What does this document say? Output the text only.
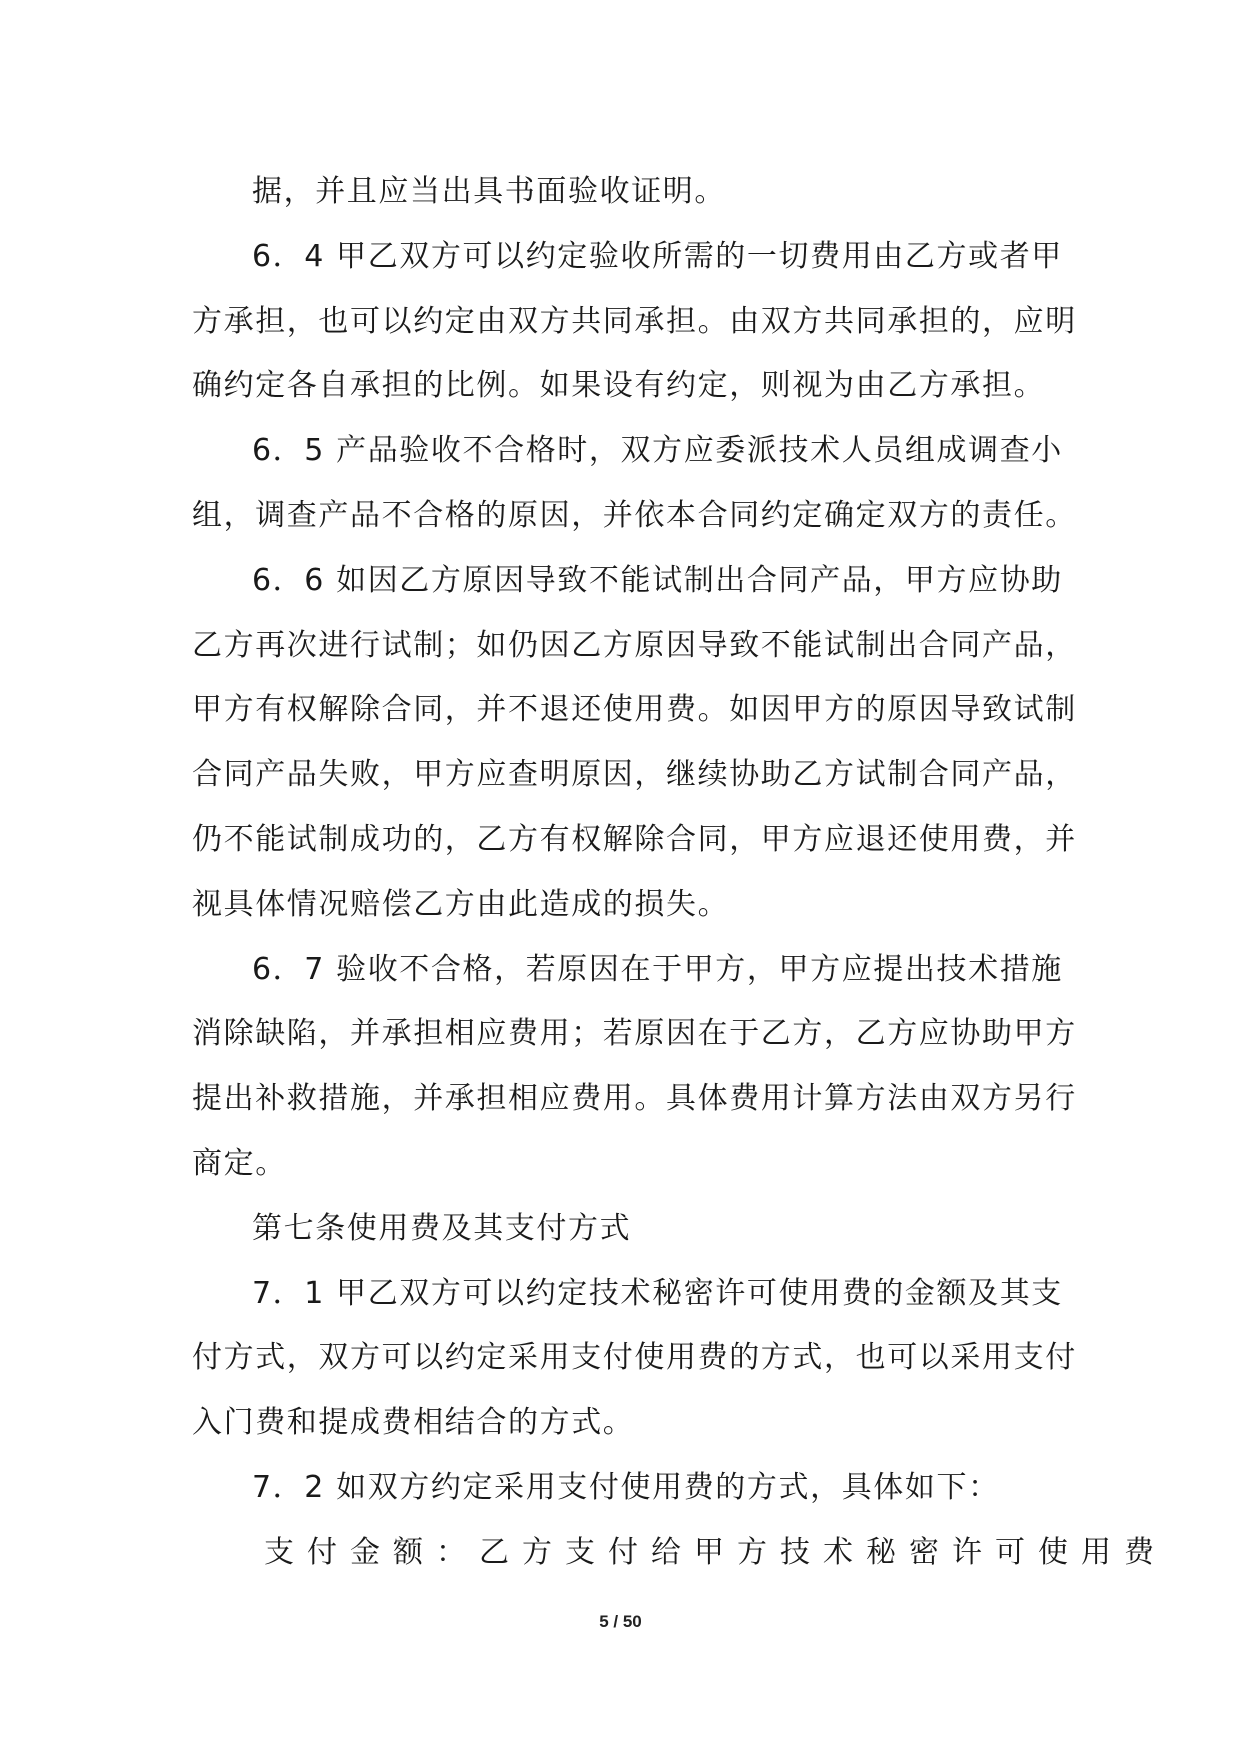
据，并且应当出具书面验收证明。
6．4 甲乙双方可以约定验收所需的一切费用由乙方或者甲
方承担，也可以约定由双方共同承担。由双方共同承担的，应明
确约定各自承担的比例。如果设有约定，则视为由乙方承担。
6．5 产品验收不合格时，双方应委派技术人员组成调查小
组，调查产品不合格的原因，并依本合同约定确定双方的责任。
6．6 如因乙方原因导致不能试制出合同产品，甲方应协助
乙方再次进行试制；如仍因乙方原因导致不能试制出合同产品，
甲方有权解除合同，并不退还使用费。如因甲方的原因导致试制
合同产品失败，甲方应查明原因，继续协助乙方试制合同产品，
仍不能试制成功的，乙方有权解除合同，甲方应退还使用费，并
视具体情况赔偿乙方由此造成的损失。
6．7 验收不合格，若原因在于甲方，甲方应提出技术措施
消除缺陷，并承担相应费用；若原因在于乙方，乙方应协助甲方
提出补救措施，并承担相应费用。具体费用计算方法由双方另行
商定。
第七条使用费及其支付方式
7．1 甲乙双方可以约定技术秘密许可使用费的金额及其支
付方式，双方可以约定采用支付使用费的方式，也可以采用支付
入门费和提成费相结合的方式。
7．2 如双方约定采用支付使用费的方式，具体如下：
支付金额：乙方支付给甲方技术秘密许可使用费
5 / 50
